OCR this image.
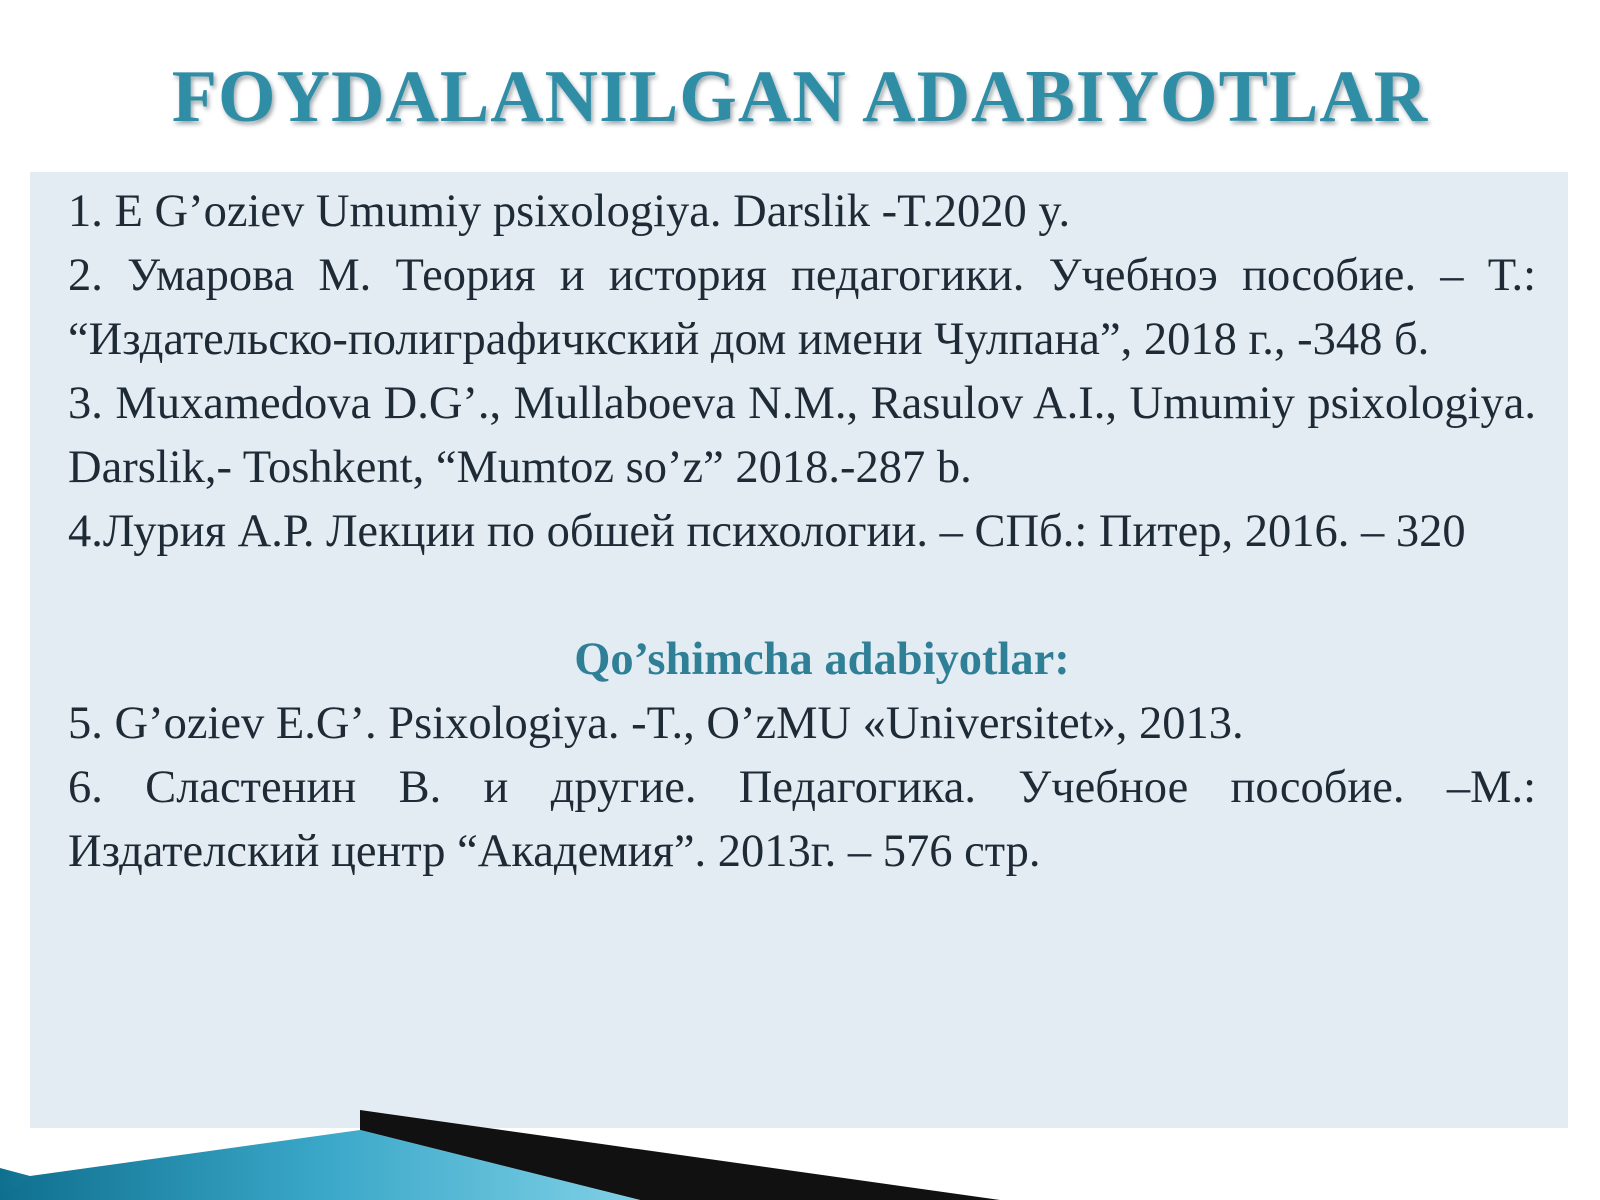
FOYDALANILGAN ADABIYOTLAR
1. E G’oziev Umumiy psixologiya. Darslik -T.2020 y.
2. Умарова М. Теория и история педагогики. Учебноэ пособие. – Т.: “Издательско-полиграфичкский дом имени Чулпана”, 2018 г., -348 б.
3. Muxamedova D.G’., Mullaboeva N.M., Rasulov A.I., Umumiy psixologiya. Darslik,- Toshkent, “Mumtoz so’z” 2018.-287 b.
4.Лурия А.Р. Лекции по обшей психологии. – СПб.: Питер, 2016. – 320

Qo’shimcha adabiyotlar:

5. G’oziev E.G’. Psixologiya. -T., O’zMU «Universitet», 2013.
6. Сластенин В. и другие. Педагогика. Учебное пособие. –М.: Издателский центр “Академия”. 2013г. – 576 стр.
